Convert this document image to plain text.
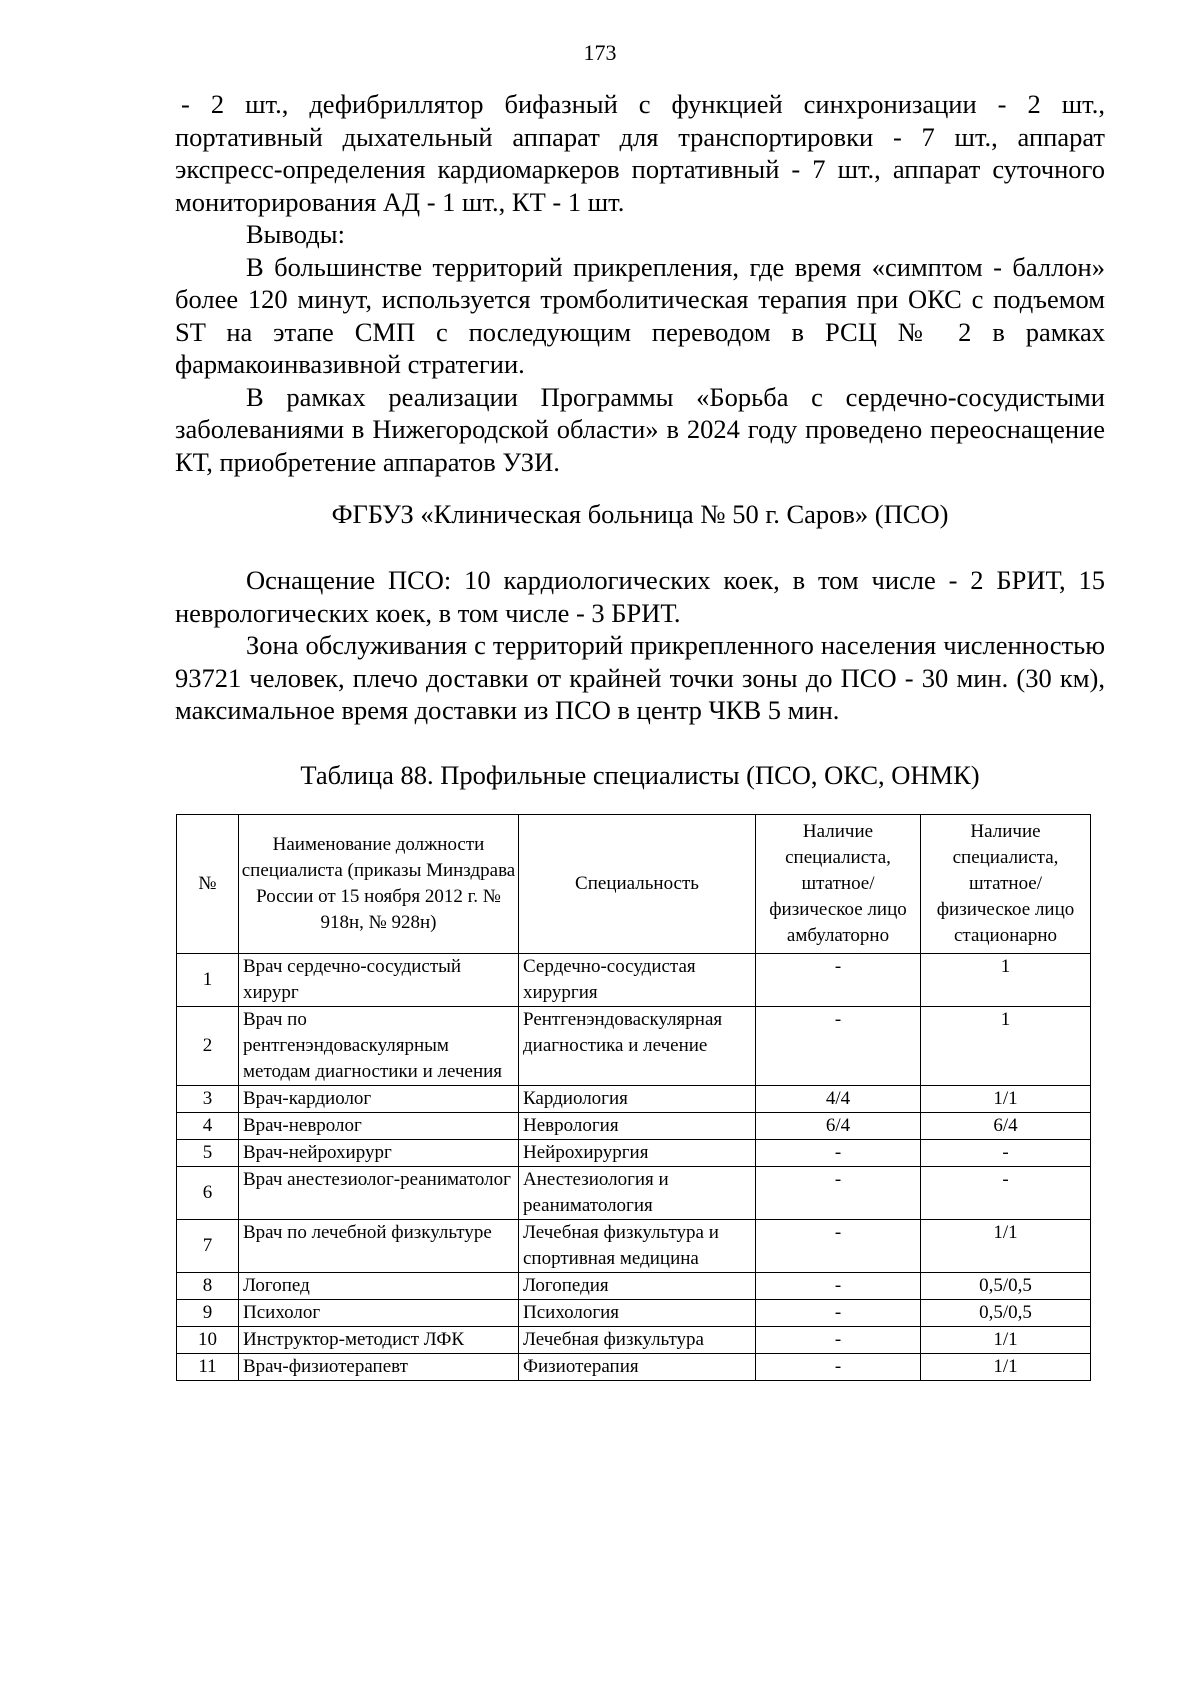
173

- 2 шт., дефибриллятор бифазный с функцией синхронизации - 2 шт., портативный дыхательный аппарат для транспортировки - 7 шт., аппарат экспресс-определения кардиомаркеров портативный - 7 шт., аппарат суточного мониторирования АД - 1 шт., КТ - 1 шт.

Выводы:

В большинстве территорий прикрепления, где время «симптом - баллон» более 120 минут, используется тромболитическая терапия при ОКС с подъемом ST на этапе СМП с последующим переводом в РСЦ № 2 в рамках фармакоинвазивной стратегии.

В рамках реализации Программы «Борьба с сердечно-сосудистыми заболеваниями в Нижегородской области» в 2024 году проведено переоснащение КТ, приобретение аппаратов УЗИ.

ФГБУЗ «Клиническая больница № 50 г. Саров» (ПСО)

Оснащение ПСО: 10 кардиологических коек, в том числе - 2 БРИТ, 15 неврологических коек, в том числе - 3 БРИТ.

Зона обслуживания с территорий прикрепленного населения численностью 93721 человек, плечо доставки от крайней точки зоны до ПСО - 30 мин. (30 км), максимальное время доставки из ПСО в центр ЧКВ 5 мин.

Таблица 88. Профильные специалисты (ПСО, ОКС, ОНМК)
№	Наименование должности специалиста (приказы Минздрава России от 15 ноября 2012 г. № 918н, № 928н)	Специальность	Наличие специалиста, штатное/физическое лицо амбулаторно	Наличие специалиста, штатное/физическое лицо стационарно
1	Врач сердечно-сосудистый хирург	Сердечно-сосудистая хирургия	-	1
2	Врач по рентгенэндоваскулярным методам диагностики и лечения	Рентгенэндоваскулярная диагностика и лечение	-	1
3	Врач-кардиолог	Кардиология	4/4	1/1
4	Врач-невролог	Неврология	6/4	6/4
5	Врач-нейрохирург	Нейрохирургия	-	-
6	Врач анестезиолог-реаниматолог	Анестезиология и реаниматология	-	-
7	Врач по лечебной физкультуре	Лечебная физкультура и спортивная медицина	-	1/1
8	Логопед	Логопедия	-	0,5/0,5
9	Психолог	Психология	-	0,5/0,5
10	Инструктор-методист ЛФК	Лечебная физкультура	-	1/1
11	Врач-физиотерапевт	Физиотерапия	-	1/1
